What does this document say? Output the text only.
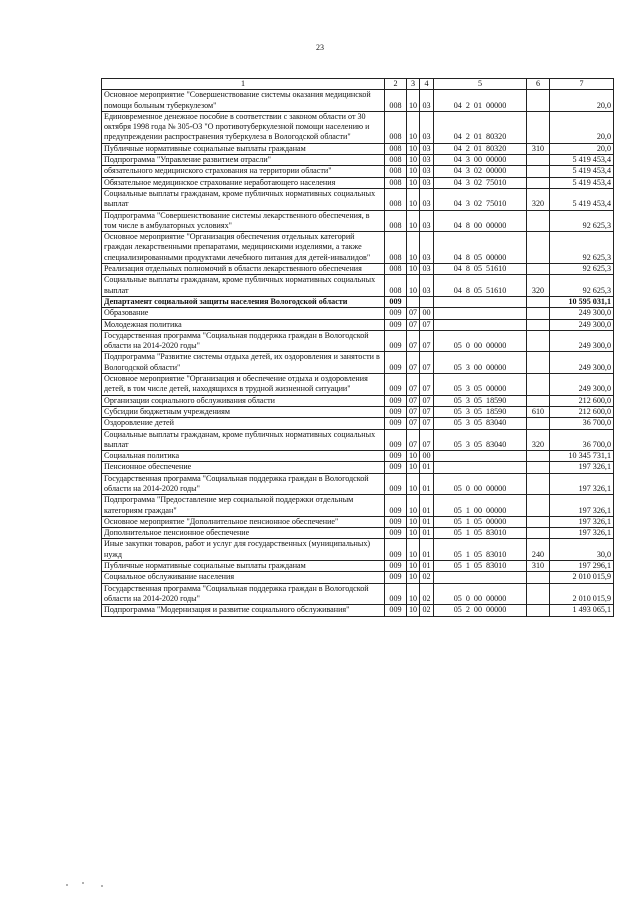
23
1	2	3	4	5	6	7
Основное мероприятие "Совершенствование системы оказания медицинской помощи больным туберкулезом"	008	10	03	04 2 01 00000		20,0
Единовременное денежное пособие в соответствии с законом области от 30 октября 1998 года № 305-ОЗ "О противотуберкулезной помощи населению и предупреждении распространения туберкулеза в Вологодской области"	008	10	03	04 2 01 80320		20,0
Публичные нормативные социальные выплаты гражданам	008	10	03	04 2 01 80320	310	20,0
Подпрограмма "Управление развитием отрасли"	008	10	03	04 3 00 00000		5 419 453,4
обязательного медицинского страхования на территории области"	008	10	03	04 3 02 00000		5 419 453,4
Обязательное медицинское страхование неработающего населения	008	10	03	04 3 02 75010		5 419 453,4
Социальные выплаты гражданам, кроме публичных нормативных социальных выплат	008	10	03	04 3 02 75010	320	5 419 453,4
Подпрограмма "Совершенствование системы лекарственного обеспечения, в том числе в амбулаторных условиях"	008	10	03	04 8 00 00000		92 625,3
Основное мероприятие "Организация обеспечения отдельных категорий граждан лекарственными препаратами, медицинскими изделиями, а также специализированными продуктами лечебного питания для детей-инвалидов"	008	10	03	04 8 05 00000		92 625,3
Реализация отдельных полномочий в области лекарственного обеспечения	008	10	03	04 8 05 51610		92 625,3
Социальные выплаты гражданам, кроме публичных нормативных социальных выплат	008	10	03	04 8 05 51610	320	92 625,3
Департамент социальной защиты населения Вологодской области	009					10 595 031,1
Образование	009	07	00			249 300,0
Молодежная политика	009	07	07			249 300,0
Государственная программа "Социальная поддержка граждан в Вологодской области на 2014-2020 годы"	009	07	07	05 0 00 00000		249 300,0
Подпрограмма "Развитие системы отдыха детей, их оздоровления и занятости в Вологодской области"	009	07	07	05 3 00 00000		249 300,0
Основное мероприятие "Организация и обеспечение отдыха и оздоровления детей, в том числе детей, находящихся в трудной жизненной ситуации"	009	07	07	05 3 05 00000		249 300,0
Организации социального обслуживания области	009	07	07	05 3 05 18590		212 600,0
Субсидии бюджетным учреждениям	009	07	07	05 3 05 18590	610	212 600,0
Оздоровление детей	009	07	07	05 3 05 83040		36 700,0
Социальные выплаты гражданам, кроме публичных нормативных социальных выплат	009	07	07	05 3 05 83040	320	36 700,0
Социальная политика	009	10	00			10 345 731,1
Пенсионное обеспечение	009	10	01			197 326,1
Государственная программа "Социальная поддержка граждан в Вологодской области на 2014-2020 годы"	009	10	01	05 0 00 00000		197 326,1
Подпрограмма "Предоставление мер социальной поддержки отдельным категориям граждан"	009	10	01	05 1 00 00000		197 326,1
Основное мероприятие "Дополнительное пенсионное обеспечение"	009	10	01	05 1 05 00000		197 326,1
Дополнительное пенсионное обеспечение	009	10	01	05 1 05 83010		197 326,1
Иные закупки товаров, работ и услуг для государственных (муниципальных) нужд	009	10	01	05 1 05 83010	240	30,0
Публичные нормативные социальные выплаты гражданам	009	10	01	05 1 05 83010	310	197 296,1
Социальное обслуживание населения	009	10	02			2 010 015,9
Государственная программа "Социальная поддержка граждан в Вологодской области на 2014-2020 годы"	009	10	02	05 0 00 00000		2 010 015,9
Подпрограмма "Модернизация и развитие социального обслуживания"	009	10	02	05 2 00 00000		1 493 065,1
